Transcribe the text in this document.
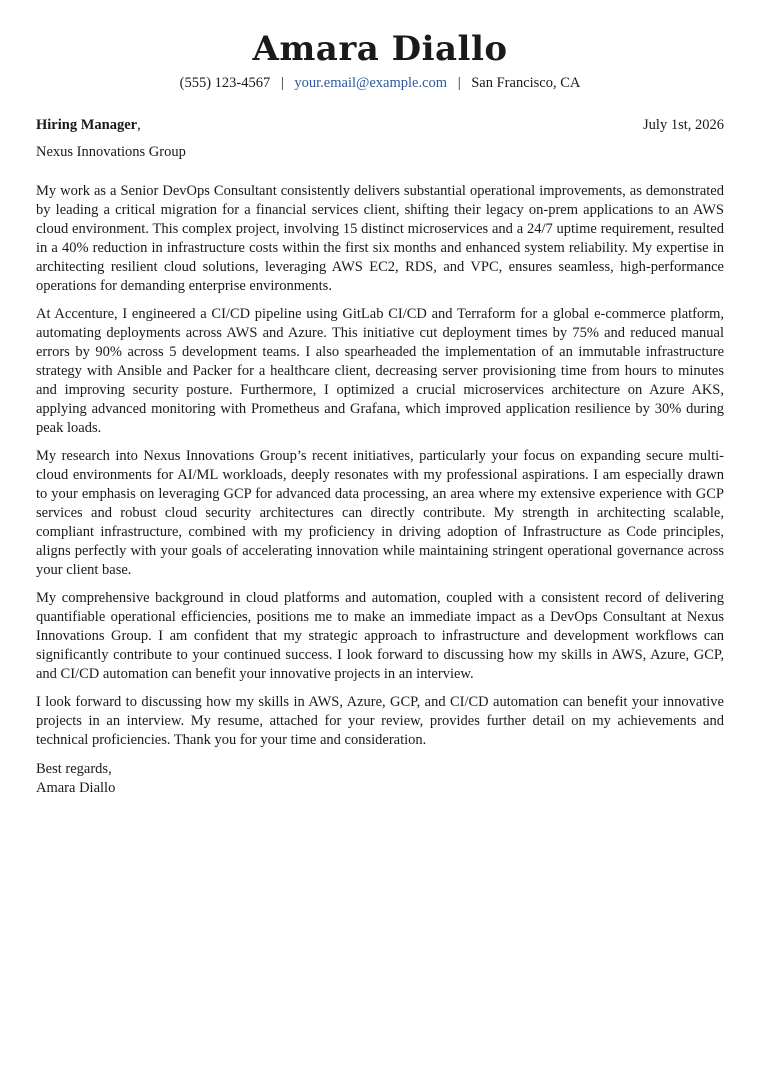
Amara Diallo
(555) 123-4567 | your.email@example.com | San Francisco, CA
Hiring Manager,	July 1st, 2026
Nexus Innovations Group

My work as a Senior DevOps Consultant consistently delivers substantial operational improvements, as demonstrated by leading a critical migration for a financial services client, shifting their legacy on-prem applications to an AWS cloud environment. This complex project, involving 15 distinct microservices and a 24/7 uptime requirement, resulted in a 40% reduction in infrastructure costs within the first six months and enhanced system reliability. My expertise in architecting resilient cloud solutions, leveraging AWS EC2, RDS, and VPC, ensures seamless, high-performance operations for demanding enterprise environments.

At Accenture, I engineered a CI/CD pipeline using GitLab CI/CD and Terraform for a global e-commerce platform, automating deployments across AWS and Azure. This initiative cut deployment times by 75% and reduced manual errors by 90% across 5 development teams. I also spearheaded the implementation of an immutable infrastructure strategy with Ansible and Packer for a healthcare client, decreasing server provisioning time from hours to minutes and improving security posture. Furthermore, I optimized a crucial microservices architecture on Azure AKS, applying advanced monitoring with Prometheus and Grafana, which improved application resilience by 30% during peak loads.

My research into Nexus Innovations Group’s recent initiatives, particularly your focus on expanding secure multi-cloud environments for AI/ML workloads, deeply resonates with my professional aspirations. I am especially drawn to your emphasis on leveraging GCP for advanced data processing, an area where my extensive experience with GCP services and robust cloud security architectures can directly contribute. My strength in architecting scalable, compliant infrastructure, combined with my proficiency in driving adoption of Infrastructure as Code principles, aligns perfectly with your goals of accelerating innovation while maintaining stringent operational governance across your client base.

My comprehensive background in cloud platforms and automation, coupled with a consistent record of delivering quantifiable operational efficiencies, positions me to make an immediate impact as a DevOps Consultant at Nexus Innovations Group. I am confident that my strategic approach to infrastructure and development workflows can significantly contribute to your continued success. I look forward to discussing how my skills in AWS, Azure, GCP, and CI/CD automation can benefit your innovative projects in an interview.

I look forward to discussing how my skills in AWS, Azure, GCP, and CI/CD automation can benefit your innovative projects in an interview. My resume, attached for your review, provides further detail on my achievements and technical proficiencies. Thank you for your time and consideration.

Best regards,
Amara Diallo
